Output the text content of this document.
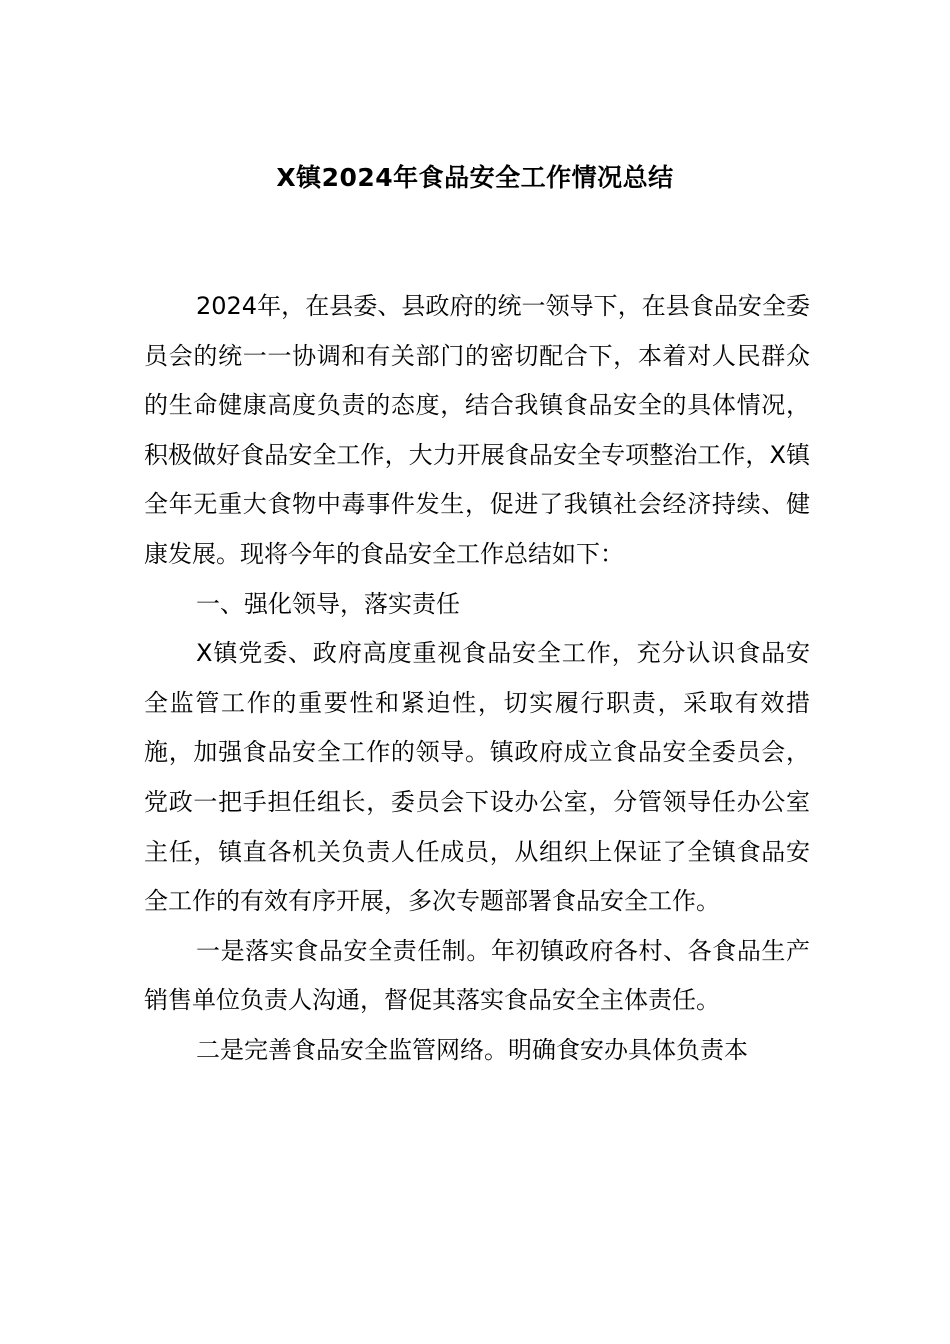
X镇2024年食品安全工作情况总结

2024年，在县委、县政府的统一领导下，在县食品安全委员会的统一一协调和有关部门的密切配合下，本着对人民群众的生命健康高度负责的态度，结合我镇食品安全的具体情况，积极做好食品安全工作，大力开展食品安全专项整治工作，X镇全年无重大食物中毒事件发生，促进了我镇社会经济持续、健康发展。现将今年的食品安全工作总结如下：

一、强化领导，落实责任

X镇党委、政府高度重视食品安全工作，充分认识食品安全监管工作的重要性和紧迫性，切实履行职责，采取有效措施，加强食品安全工作的领导。镇政府成立食品安全委员会，党政一把手担任组长，委员会下设办公室，分管领导任办公室主任，镇直各机关负责人任成员，从组织上保证了全镇食品安全工作的有效有序开展，多次专题部署食品安全工作。

一是落实食品安全责任制。年初镇政府各村、各食品生产销售单位负责人沟通，督促其落实食品安全主体责任。

二是完善食品安全监管网络。明确食安办具体负责本
